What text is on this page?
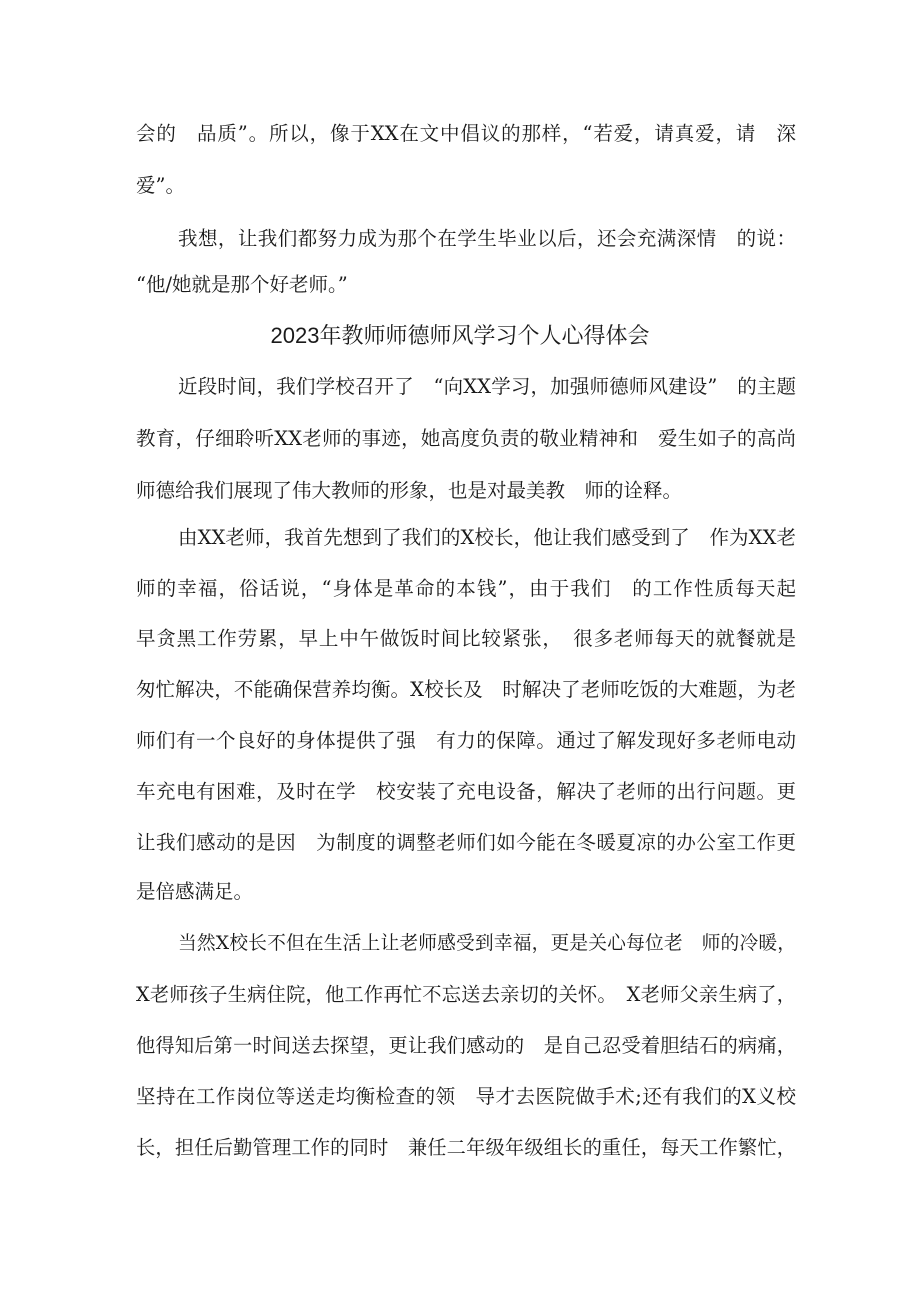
会的　品质”。所以，像于XX在文中倡议的那样，“若爱，请真爱，请　深
爱”。
我想，让我们都努力成为那个在学生毕业以后，还会充满深情　的说：
“他/她就是那个好老师。”
2023年教师师德师风学习个人心得体会
近段时间，我们学校召开了　“向XX学习，加强师德师风建设”　的主题
教育，仔细聆听XX老师的事迹，她高度负责的敬业精神和　爱生如子的高尚
师德给我们展现了伟大教师的形象，也是对最美教　师的诠释。
由XX老师，我首先想到了我们的X校长，他让我们感受到了　作为XX老
师的幸福，俗话说，“身体是革命的本钱”，由于我们　的工作性质每天起
早贪黑工作劳累，早上中午做饭时间比较紧张，　很多老师每天的就餐就是
匆忙解决，不能确保营养均衡。X校长及　时解决了老师吃饭的大难题，为老
师们有一个良好的身体提供了强　有力的保障。通过了解发现好多老师电动
车充电有困难，及时在学　校安装了充电设备，解决了老师的出行问题。更
让我们感动的是因　为制度的调整老师们如今能在冬暖夏凉的办公室工作更
是倍感满足。
当然X校长不但在生活上让老师感受到幸福，更是关心每位老　师的冷暖，
X老师孩子生病住院，他工作再忙不忘送去亲切的关怀。　X老师父亲生病了，
他得知后第一时间送去探望，更让我们感动的　是自己忍受着胆结石的病痛，
坚持在工作岗位等送走均衡检查的领　导才去医院做手术;还有我们的X义校
长，担任后勤管理工作的同时　兼任二年级年级组长的重任，每天工作繁忙，
